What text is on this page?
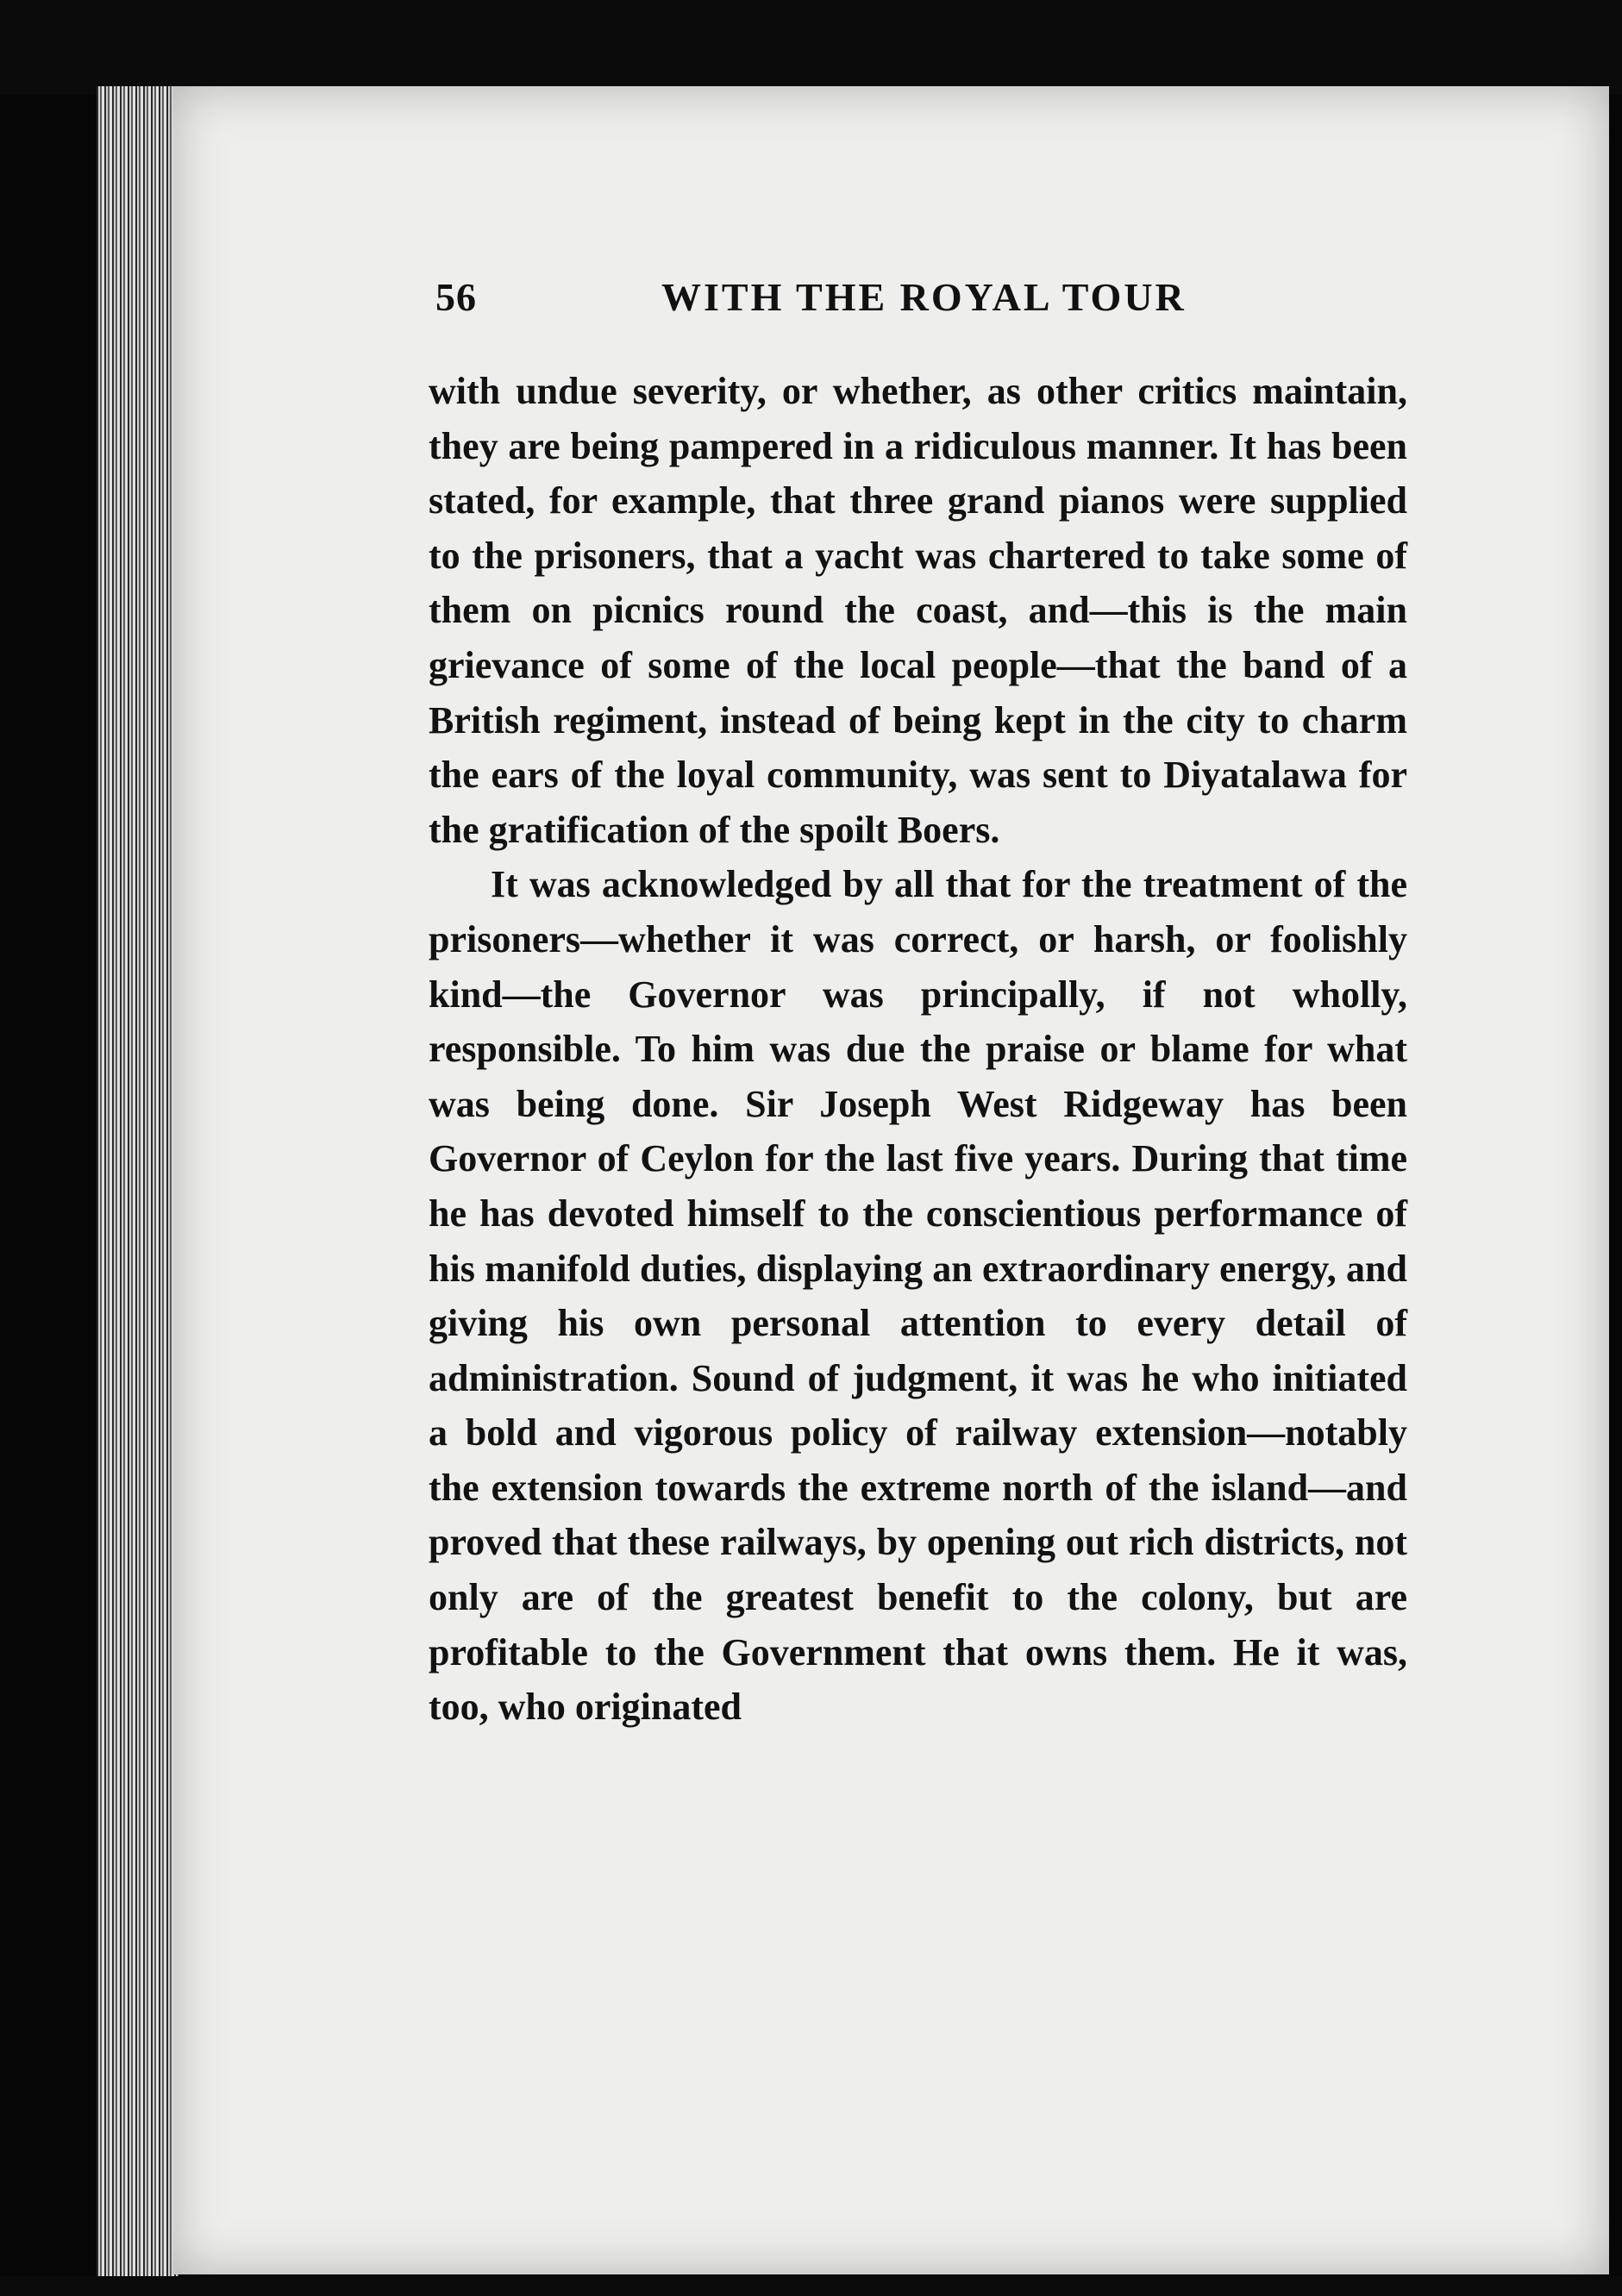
56	WITH THE ROYAL TOUR

with undue severity, or whether, as other critics maintain, they are being pampered in a ridiculous manner. It has been stated, for example, that three grand pianos were supplied to the prisoners, that a yacht was chartered to take some of them on picnics round the coast, and—this is the main grievance of some of the local people—that the band of a British regiment, instead of being kept in the city to charm the ears of the loyal community, was sent to Diyatalawa for the gratification of the spoilt Boers.

It was acknowledged by all that for the treatment of the prisoners—whether it was correct, or harsh, or foolishly kind—the Governor was principally, if not wholly, responsible. To him was due the praise or blame for what was being done. Sir Joseph West Ridgeway has been Governor of Ceylon for the last five years. During that time he has devoted himself to the conscientious performance of his manifold duties, displaying an extraordinary energy, and giving his own personal attention to every detail of administration. Sound of judgment, it was he who initiated a bold and vigorous policy of railway extension—notably the extension towards the extreme north of the island—and proved that these railways, by opening out rich districts, not only are of the greatest benefit to the colony, but are profitable to the Government that owns them. He it was, too, who originated
